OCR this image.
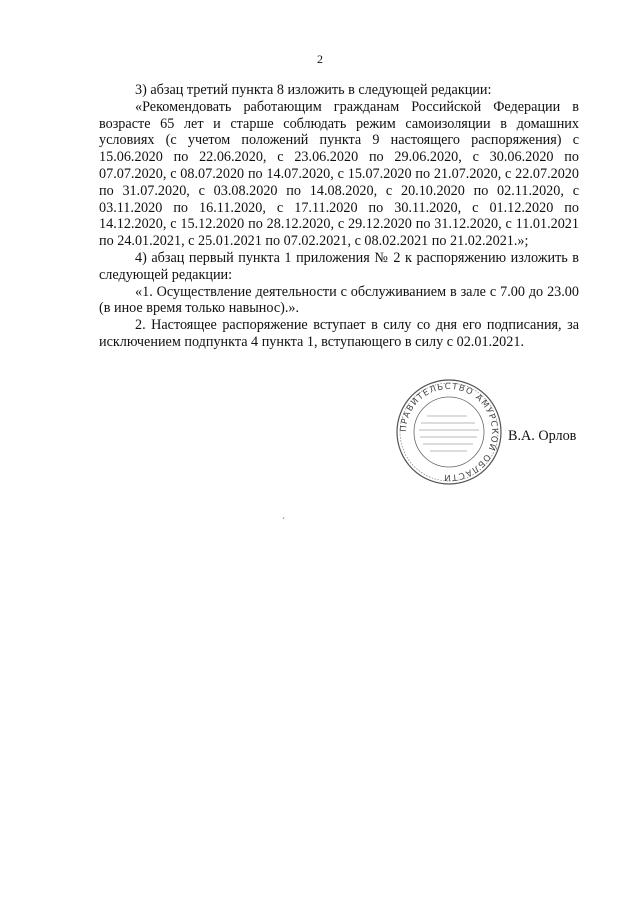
2

3) абзац третий пункта 8 изложить в следующей редакции:

«Рекомендовать работающим гражданам Российской Федерации в возрасте 65 лет и старше соблюдать режим самоизоляции в домашних условиях (с учетом положений пункта 9 настоящего распоряжения) с 15.06.2020 по 22.06.2020, с 23.06.2020 по 29.06.2020, с 30.06.2020 по 07.07.2020, с 08.07.2020 по 14.07.2020, с 15.07.2020 по 21.07.2020, с 22.07.2020 по 31.07.2020, с 03.08.2020 по 14.08.2020, с 20.10.2020 по 02.11.2020, с 03.11.2020 по 16.11.2020, с 17.11.2020 по 30.11.2020, с 01.12.2020 по 14.12.2020, с 15.12.2020 по 28.12.2020, с 29.12.2020 по 31.12.2020, с 11.01.2021 по 24.01.2021, с 25.01.2021 по 07.02.2021, с 08.02.2021 по 21.02.2021.»;

4) абзац первый пункта 1 приложения № 2 к распоряжению изложить в следующей редакции:

«1. Осуществление деятельности с обслуживанием в зале с 7.00 до 23.00 (в иное время только навынос).».

2. Настоящее распоряжение вступает в силу со дня его подписания, за исключением подпункта 4 пункта 1, вступающего в силу с 02.01.2021.

ПРАВИТЕЛЬСТВО АМУРСКОЙ ОБЛАСТИ
В.А. Орлов
ˊ
